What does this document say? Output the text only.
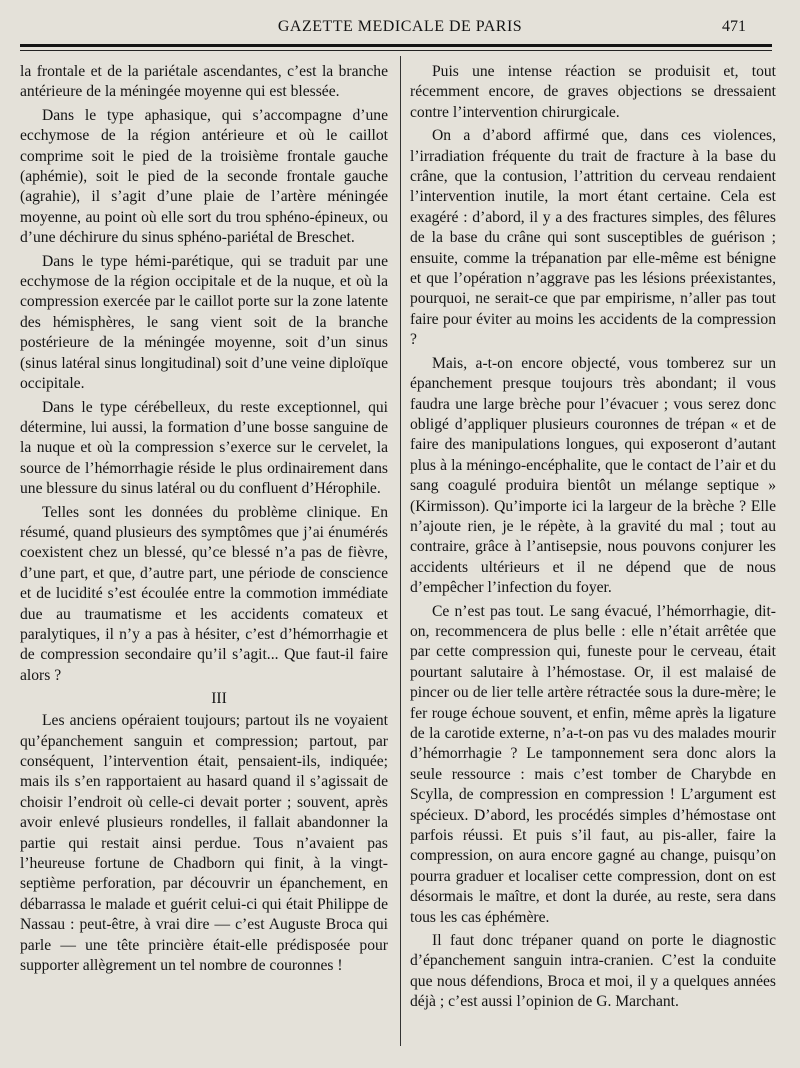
GAZETTE MEDICALE DE PARIS	471

la frontale et de la pariétale ascendantes, c’est la branche antérieure de la méningée moyenne qui est blessée.

Dans le type aphasique, qui s’accompagne d’une ecchymose de la région antérieure et où le caillot comprime soit le pied de la troisième frontale gauche (aphémie), soit le pied de la seconde frontale gauche (agrahie), il s’agit d’une plaie de l’artère méningée moyenne, au point où elle sort du trou sphéno-épineux, ou d’une déchirure du sinus sphéno-pariétal de Breschet.

Dans le type hémi-parétique, qui se traduit par une ecchymose de la région occipitale et de la nuque, et où la compression exercée par le caillot porte sur la zone latente des hémisphères, le sang vient soit de la branche postérieure de la méningée moyenne, soit d’un sinus (sinus latéral sinus longitudinal) soit d’une veine diploïque occipitale.

Dans le type cérébelleux, du reste exceptionnel, qui détermine, lui aussi, la formation d’une bosse sanguine de la nuque et où la compression s’exerce sur le cervelet, la source de l’hémorrhagie réside le plus ordinairement dans une blessure du sinus latéral ou du confluent d’Hérophile.

Telles sont les données du problème clinique. En résumé, quand plusieurs des symptômes que j’ai énumérés coexistent chez un blessé, qu’ce blessé n’a pas de fièvre, d’une part, et que, d’autre part, une période de conscience et de lucidité s’est écoulée entre la commotion immédiate due au traumatisme et les accidents comateux et paralytiques, il n’y a pas à hésiter, c’est d’hémorrhagie et de compression secondaire qu’il s’agit... Que faut-il faire alors ?

III

Les anciens opéraient toujours; partout ils ne voyaient qu’épanchement sanguin et compression; partout, par conséquent, l’intervention était, pensaient-ils, indiquée; mais ils s’en rapportaient au hasard quand il s’agissait de choisir l’endroit où celle-ci devait porter ; souvent, après avoir enlevé plusieurs rondelles, il fallait abandonner la partie qui restait ainsi perdue. Tous n’avaient pas l’heureuse fortune de Chadborn qui finit, à la vingt-septième perforation, par découvrir un épanchement, en débarrassa le malade et guérit celui-ci qui était Philippe de Nassau : peut-être, à vrai dire — c’est Auguste Broca qui parle — une tête princière était-elle prédisposée pour supporter allègrement un tel nombre de couronnes !

Puis une intense réaction se produisit et, tout récemment encore, de graves objections se dressaient contre l’intervention chirurgicale.

On a d’abord affirmé que, dans ces violences, l’irradiation fréquente du trait de fracture à la base du crâne, que la contusion, l’attrition du cerveau rendaient l’intervention inutile, la mort étant certaine. Cela est exagéré : d’abord, il y a des fractures simples, des fêlures de la base du crâne qui sont susceptibles de guérison ; ensuite, comme la trépanation par elle-même est bénigne et que l’opération n’aggrave pas les lésions préexistantes, pourquoi, ne serait-ce que par empirisme, n’aller pas tout faire pour éviter au moins les accidents de la compression ?

Mais, a-t-on encore objecté, vous tomberez sur un épanchement presque toujours très abondant; il vous faudra une large brèche pour l’évacuer ; vous serez donc obligé d’appliquer plusieurs couronnes de trépan « et de faire des manipulations longues, qui exposeront d’autant plus à la méningo-encéphalite, que le contact de l’air et du sang coagulé produira bientôt un mélange septique » (Kirmisson). Qu’importe ici la largeur de la brèche ? Elle n’ajoute rien, je le répète, à la gravité du mal ; tout au contraire, grâce à l’antisepsie, nous pouvons conjurer les accidents ultérieurs et il ne dépend que de nous d’empêcher l’infection du foyer.

Ce n’est pas tout. Le sang évacué, l’hémorrhagie, dit-on, recommencera de plus belle : elle n’était arrêtée que par cette compression qui, funeste pour le cerveau, était pourtant salutaire à l’hémostase. Or, il est malaisé de pincer ou de lier telle artère rétractée sous la dure-mère; le fer rouge échoue souvent, et enfin, même après la ligature de la carotide externe, n’a-t-on pas vu des malades mourir d’hémorrhagie ? Le tamponnement sera donc alors la seule ressource : mais c’est tomber de Charybde en Scylla, de compression en compression ! L’argument est spécieux. D’abord, les procédés simples d’hémostase ont parfois réussi. Et puis s’il faut, au pis-aller, faire la compression, on aura encore gagné au change, puisqu’on pourra graduer et localiser cette compression, dont on est désormais le maître, et dont la durée, au reste, sera dans tous les cas éphémère.

Il faut donc trépaner quand on porte le diagnostic d’épanchement sanguin intra-cranien. C’est la conduite que nous défendions, Broca et moi, il y a quelques années déjà ; c’est aussi l’opinion de G. Marchant.
